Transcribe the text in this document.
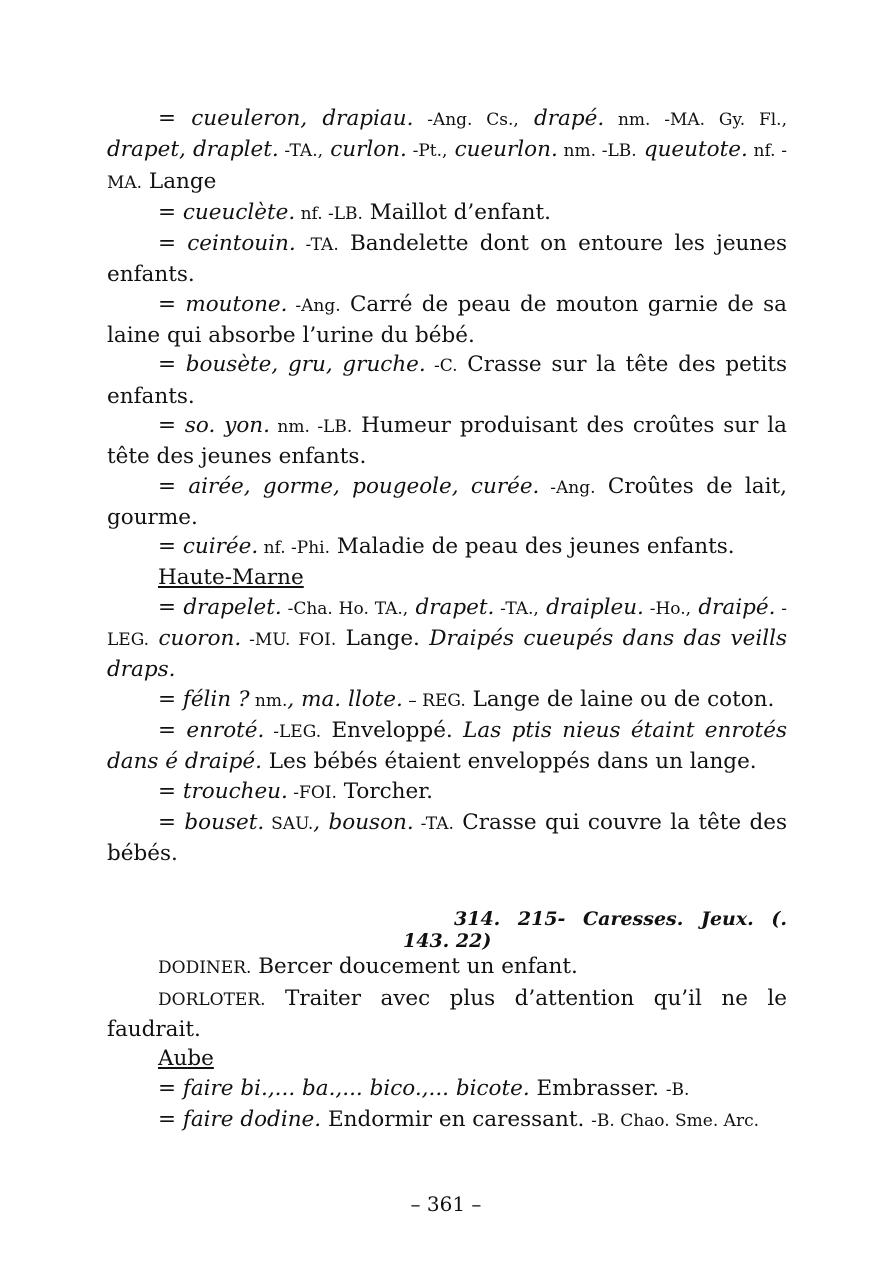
= cueuleron, drapiau. -Ang. Cs., drapé. nm. -MA. Gy. Fl., drapet, draplet. -TA., curlon. -Pt., cueurlon. nm. -LB. queutote. nf. -MA. Lange

= cueuclète. nf. -LB. Maillot d’enfant.

= ceintouin. -TA. Bandelette dont on entoure les jeunes enfants.

= moutone. -Ang. Carré de peau de mouton garnie de sa laine qui absorbe l’urine du bébé.

= bousète, gru, gruche. -C. Crasse sur la tête des petits enfants.

= so. yon. nm. -LB. Humeur produisant des croûtes sur la tête des jeunes enfants.

= airée, gorme, pougeole, curée. -Ang. Croûtes de lait, gourme.

= cuirée. nf. -Phi. Maladie de peau des jeunes enfants.

Haute-Marne

= drapelet. -Cha. Ho. TA., drapet. -TA., draipleu. -Ho., draipé. -LEG. cuoron. -MU. FOI. Lange. Draipés cueupés dans das veills draps.

= félin ? nm., ma. llote. – REG. Lange de laine ou de coton.

= enroté. -LEG. Enveloppé. Las ptis nieus étaint enrotés dans é draipé. Les bébés étaient enveloppés dans un lange.

= troucheu. -FOI. Torcher.

= bouset. SAU., bouson. -TA. Crasse qui couvre la tête des bébés.

314. 215- Caresses. Jeux. (.
143. 22)

DODINER. Bercer doucement un enfant.

DORLOTER. Traiter avec plus d’attention qu’il ne le faudrait.

Aube

= faire bi.,... ba.,... bico.,... bicote. Embrasser. -B.

= faire dodine. Endormir en caressant. -B. Chao. Sme. Arc.

– 361 –
